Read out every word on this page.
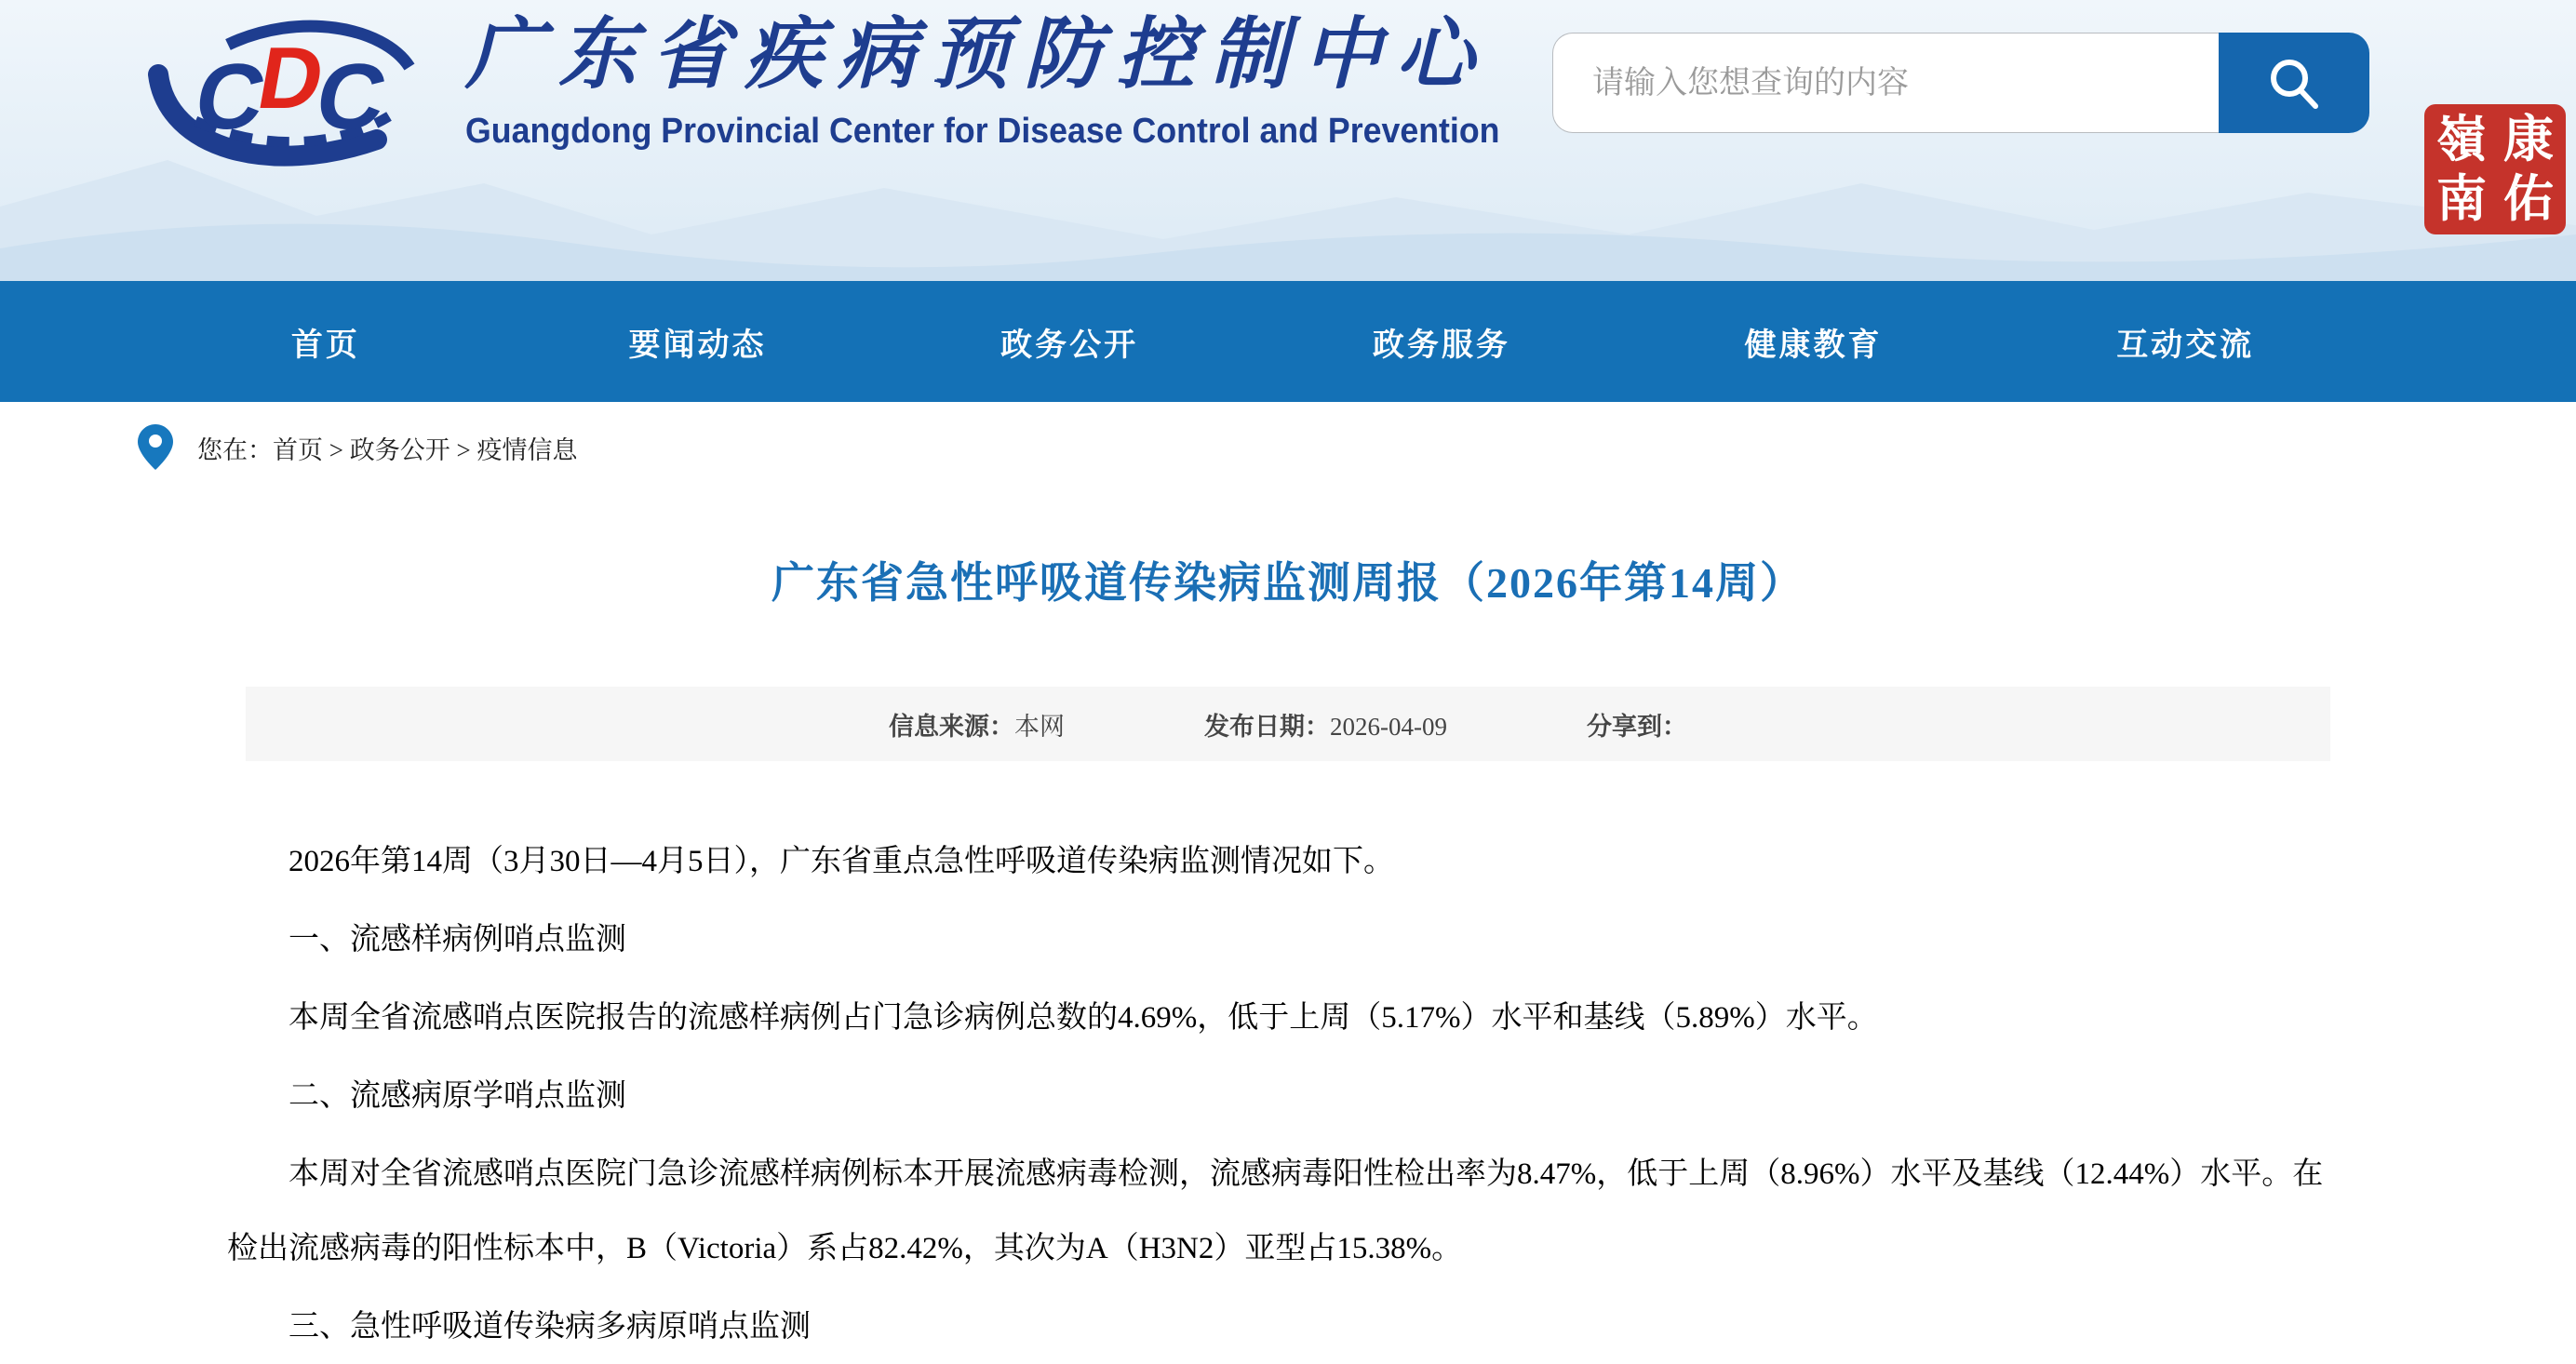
C
D
C 广东省疾病预防控制中心
Guangdong Provincial Center for Disease Control and Prevention
请输入您想查询的内容	嶺 康
南 佑
首页	要闻动态	政务公开	政务服务	健康教育	互动交流
您在： 首页 > 政务公开 > 疫情信息
广东省急性呼吸道传染病监测周报（2026年第14周）
信息来源：本网	发布日期：2026-04-09	分享到：

2026年第14周（3月30日—4月5日），广东省重点急性呼吸道传染病监测情况如下。

一、流感样病例哨点监测

本周全省流感哨点医院报告的流感样病例占门急诊病例总数的4.69%，低于上周（5.17%）水平和基线（5.89%）水平。

二、流感病原学哨点监测

本周对全省流感哨点医院门急诊流感样病例标本开展流感病毒检测，流感病毒阳性检出率为8.47%，低于上周（8.96%）水平及基线（12.44%）水平。在检出流感病毒的阳性标本中，B（Victoria）系占82.42%，其次为A（H3N2）亚型占15.38%。

三、急性呼吸道传染病多病原哨点监测
